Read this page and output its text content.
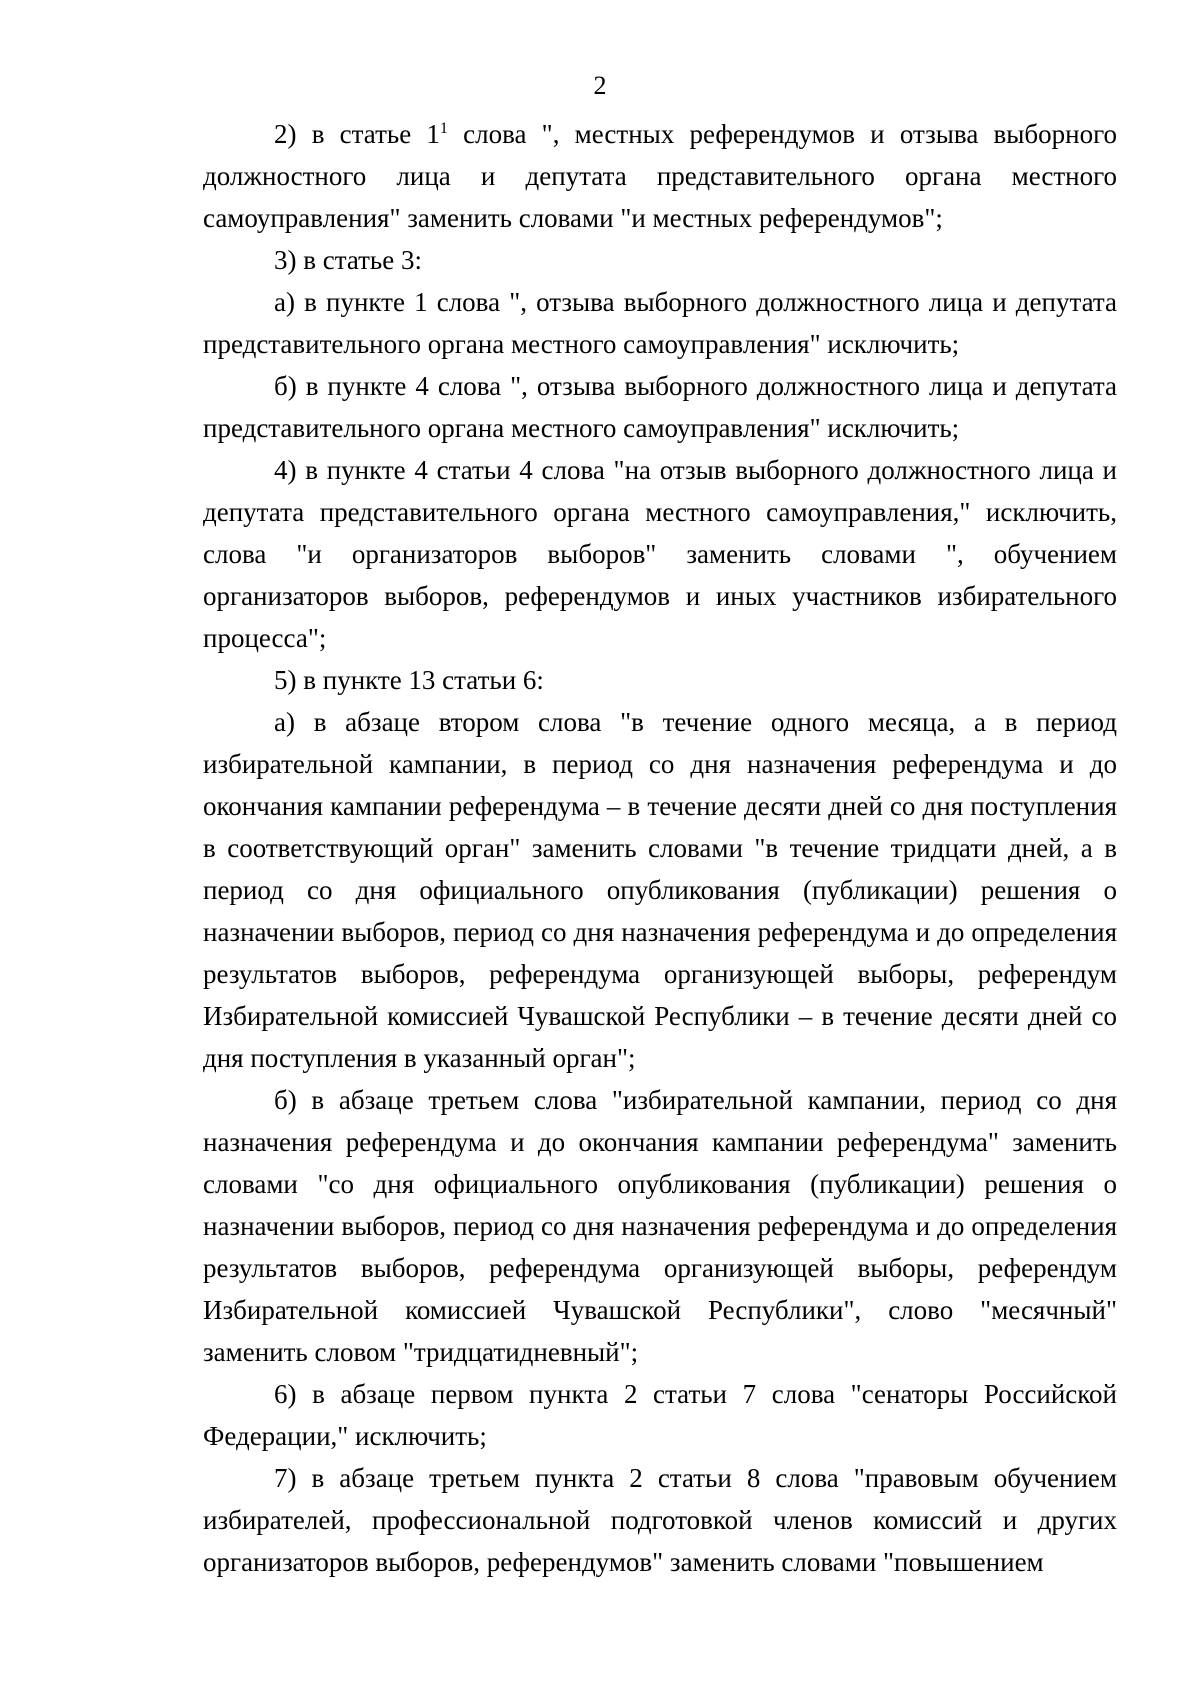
2

2) в статье $1^1$ слова ", местных референдумов и отзыва выборного должностного лица и депутата представительного органа местного самоуправления" заменить словами "и местных референдумов";

3) в статье 3:

а) в пункте 1 слова ", отзыва выборного должностного лица и депутата представительного органа местного самоуправления" исключить;

б) в пункте 4 слова ", отзыва выборного должностного лица и депутата представительного органа местного самоуправления" исключить;

4) в пункте 4 статьи 4 слова "на отзыв выборного должностного лица и депутата представительного органа местного самоуправления," исключить, слова "и организаторов выборов" заменить словами ", обучением организаторов выборов, референдумов и иных участников избирательного процесса";

5) в пункте 13 статьи 6:

а) в абзаце втором слова "в течение одного месяца, а в период избирательной кампании, в период со дня назначения референдума и до окончания кампании референдума – в течение десяти дней со дня поступления в соответствующий орган" заменить словами "в течение тридцати дней, а в период со дня официального опубликования (публикации) решения о назначении выборов, период со дня назначения референдума и до определения результатов выборов, референдума организующей выборы, референдум Избирательной комиссией Чувашской Республики – в течение десяти дней со дня поступления в указанный орган";

б) в абзаце третьем слова "избирательной кампании, период со дня назначения референдума и до окончания кампании референдума" заменить словами "со дня официального опубликования (публикации) решения о назначении выборов, период со дня назначения референдума и до определения результатов выборов, референдума организующей выборы, референдум Избирательной комиссией Чувашской Республики", слово "месячный" заменить словом "тридцатидневный";

6) в абзаце первом пункта 2 статьи 7 слова "сенаторы Российской Федерации," исключить;

7) в абзаце третьем пункта 2 статьи 8 слова "правовым обучением избирателей, профессиональной подготовкой членов комиссий и других организаторов выборов, референдумов" заменить словами "повышением
